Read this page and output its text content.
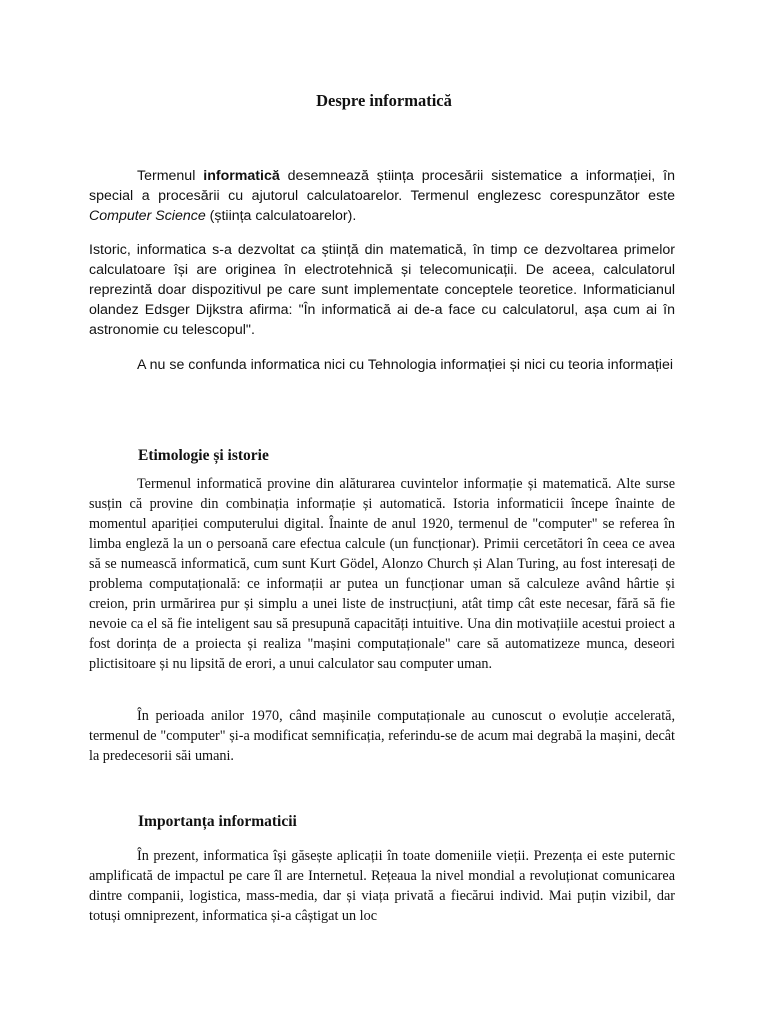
Despre informatică

Termenul informatică desemnează știința procesării sistematice a informației, în special a procesării cu ajutorul calculatoarelor. Termenul englezesc corespunzător este Computer Science (știința calculatoarelor).

Istoric, informatica s-a dezvoltat ca știință din matematică, în timp ce dezvoltarea primelor calculatoare își are originea în electrotehnică și telecomunicații. De aceea, calculatorul reprezintă doar dispozitivul pe care sunt implementate conceptele teoretice. Informaticianul olandez Edsger Dijkstra afirma: "În informatică ai de-a face cu calculatorul, așa cum ai în astronomie cu telescopul".

A nu se confunda informatica nici cu Tehnologia informației și nici cu teoria informației

Etimologie și istorie

Termenul informatică provine din alăturarea cuvintelor informație și matematică. Alte surse susțin că provine din combinația informație și automatică. Istoria informaticii începe înainte de momentul apariției computerului digital. Înainte de anul 1920, termenul de "computer" se referea în limba engleză la un o persoană care efectua calcule (un funcționar). Primii cercetători în ceea ce avea să se numească informatică, cum sunt Kurt Gödel, Alonzo Church și Alan Turing, au fost interesați de problema computațională: ce informații ar putea un funcționar uman să calculeze având hârtie și creion, prin urmărirea pur și simplu a unei liste de instrucțiuni, atât timp cât este necesar, fără să fie nevoie ca el să fie inteligent sau să presupună capacități intuitive. Una din motivațiile acestui proiect a fost dorința de a proiecta și realiza "mașini computaționale" care să automatizeze munca, deseori plictisitoare și nu lipsită de erori, a unui calculator sau computer uman.

În perioada anilor 1970, când mașinile computaționale au cunoscut o evoluție accelerată, termenul de "computer" și-a modificat semnificația, referindu-se de acum mai degrabă la mașini, decât la predecesorii săi umani.

Importanța informaticii

În prezent, informatica își găsește aplicații în toate domeniile vieții. Prezența ei este puternic amplificată de impactul pe care îl are Internetul. Rețeaua la nivel mondial a revoluționat comunicarea dintre companii, logistica, mass-media, dar și viața privată a fiecărui individ. Mai puțin vizibil, dar totuși omniprezent, informatica și-a câștigat un loc
